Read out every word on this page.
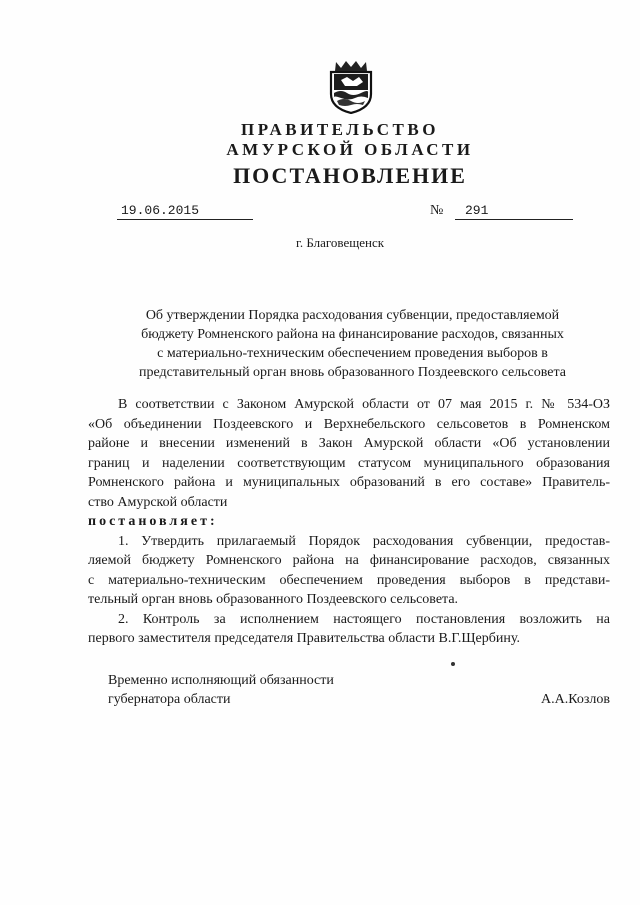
ПРАВИТЕЛЬСТВО
АМУРСКОЙ ОБЛАСТИ
ПОСТАНОВЛЕНИЕ
19.06.2015	№	291
г. Благовещенск
Об утверждении Порядка расходования субвенции, предоставляемой
бюджету Ромненского района на финансирование расходов, связанных
с материально-техническим обеспечением проведения выборов в
представительный орган вновь образованного Поздеевского сельсовета
В соответствии с Законом Амурской области от 07 мая 2015 г. № 534-ОЗ
«Об объединении Поздеевского и Верхнебельского сельсоветов в Ромненском
районе и внесении изменений в Закон Амурской области «Об установлении
границ и наделении соответствующим статусом муниципального образования
Ромненского района и муниципальных образований в его составе» Правитель-
ство Амурской области
постановляет:
1. Утвердить прилагаемый Порядок расходования субвенции, предостав-
ляемой бюджету Ромненского района на финансирование расходов, связанных
с материально-техническим обеспечением проведения выборов в представи-
тельный орган вновь образованного Поздеевского сельсовета.
2. Контроль за исполнением настоящего постановления возложить на
первого заместителя председателя Правительства области В.Г.Щербину.
Временно исполняющий обязанности
губернатора области	А.А.Козлов
